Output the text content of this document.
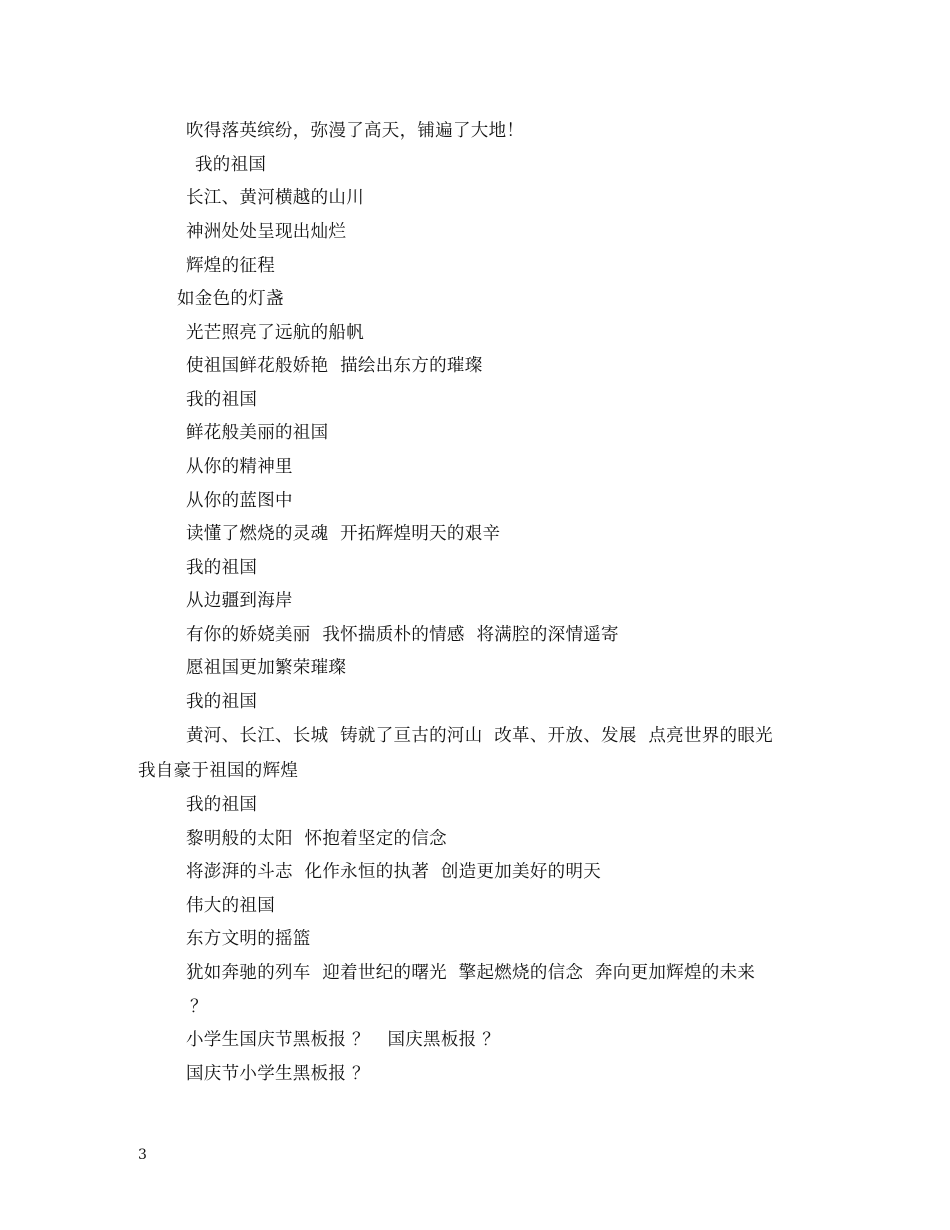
吹得落英缤纷，弥漫了高天，铺遍了大地！
我的祖国
长江、黄河横越的山川
神洲处处呈现出灿烂
辉煌的征程
如金色的灯盏
光芒照亮了远航的船帆
使祖国鲜花般娇艳  描绘出东方的璀璨
我的祖国
鲜花般美丽的祖国
从你的精神里
从你的蓝图中
读懂了燃烧的灵魂  开拓辉煌明天的艰辛
我的祖国
从边疆到海岸
有你的娇娆美丽  我怀揣质朴的情感  将满腔的深情遥寄
愿祖国更加繁荣璀璨
我的祖国
黄河、长江、长城  铸就了亘古的河山  改革、开放、发展  点亮世界的眼光
我自豪于祖国的辉煌
我的祖国
黎明般的太阳  怀抱着坚定的信念
将澎湃的斗志  化作永恒的执著  创造更加美好的明天
伟大的祖国
东方文明的摇篮
犹如奔驰的列车  迎着世纪的曙光  擎起燃烧的信念  奔向更加辉煌的未来
？
小学生国庆节黑板报 ？   国庆黑板报 ？
国庆节小学生黑板报 ？
3
